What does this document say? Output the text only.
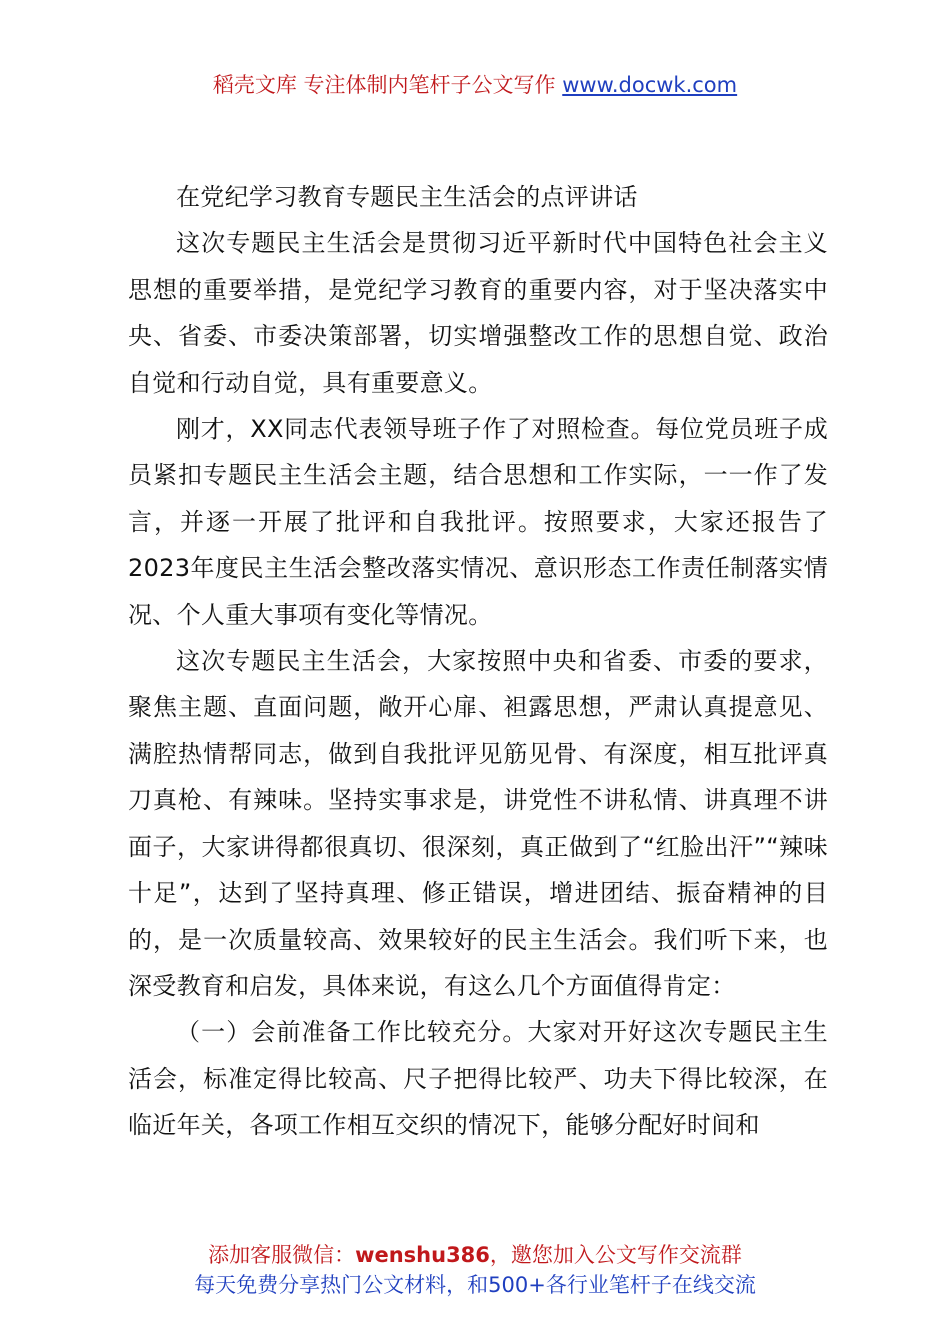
稻壳文库 专注体制内笔杆子公文写作 www.docwk.com

在党纪学习教育专题民主生活会的点评讲话

这次专题民主生活会是贯彻习近平新时代中国特色社会主义思想的重要举措，是党纪学习教育的重要内容，对于坚决落实中央、省委、市委决策部署，切实增强整改工作的思想自觉、政治自觉和行动自觉，具有重要意义。

刚才，XX同志代表领导班子作了对照检查。每位党员班子成员紧扣专题民主生活会主题，结合思想和工作实际，一一作了发言，并逐一开展了批评和自我批评。按照要求，大家还报告了2023年度民主生活会整改落实情况、意识形态工作责任制落实情况、个人重大事项有变化等情况。

这次专题民主生活会，大家按照中央和省委、市委的要求，聚焦主题、直面问题，敞开心扉、袒露思想，严肃认真提意见、满腔热情帮同志，做到自我批评见筋见骨、有深度，相互批评真刀真枪、有辣味。坚持实事求是，讲党性不讲私情、讲真理不讲面子，大家讲得都很真切、很深刻，真正做到了“红脸出汗”“辣味十足”，达到了坚持真理、修正错误，增进团结、振奋精神的目的，是一次质量较高、效果较好的民主生活会。我们听下来，也深受教育和启发，具体来说，有这么几个方面值得肯定：

（一）会前准备工作比较充分。大家对开好这次专题民主生活会，标准定得比较高、尺子把得比较严、功夫下得比较深，在临近年关，各项工作相互交织的情况下，能够分配好时间和

添加客服微信：wenshu386，邀您加入公文写作交流群
每天免费分享热门公文材料，和500+各行业笔杆子在线交流
